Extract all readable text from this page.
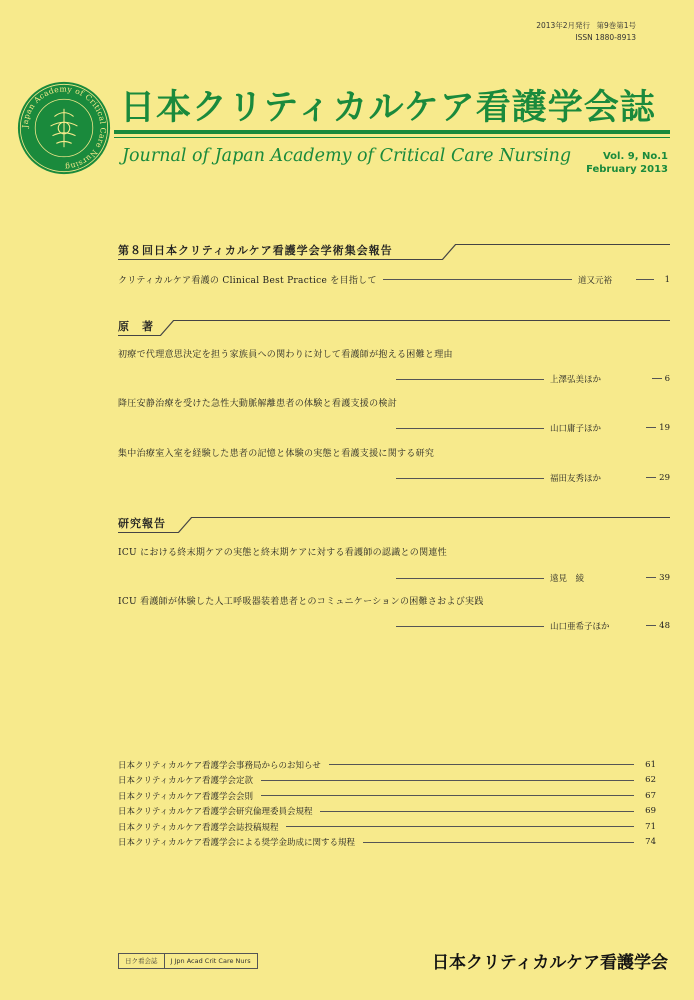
2013年2月発行 第9巻第1号
ISSN 1880-8913
Japan Academy of Critical Care Nursing
日本クリティカルケア看護学会誌
Journal of Japan Academy of Critical Care Nursing	Vol. 9, No.1
February 2013
第８回日本クリティカルケア看護学会学術集会報告
クリティカルケア看護の Clinical Best Practice を目指して	道又元裕	1
原　著
初療で代理意思決定を担う家族員への関わりに対して看護師が抱える困難と理由
上澤弘美ほか	6
降圧安静治療を受けた急性大動脈解離患者の体験と看護支援の検討
山口庸子ほか	19
集中治療室入室を経験した患者の記憶と体験の実態と看護支援に関する研究
福田友秀ほか	29
研究報告
ICU における終末期ケアの実態と終末期ケアに対する看護師の認識との関連性
遠見　綾	39
ICU 看護師が体験した人工呼吸器装着患者とのコミュニケーションの困難さおよび実践
山口亜希子ほか	48
日本クリティカルケア看護学会事務局からのお知らせ	61
日本クリティカルケア看護学会定款	62
日本クリティカルケア看護学会会則	67
日本クリティカルケア看護学会研究倫理委員会規程	69
日本クリティカルケア看護学会誌投稿規程	71
日本クリティカルケア看護学会による奨学金助成に関する規程	74
日ク看会誌	J Jpn Acad Crit Care Nurs	日本クリティカルケア看護学会
